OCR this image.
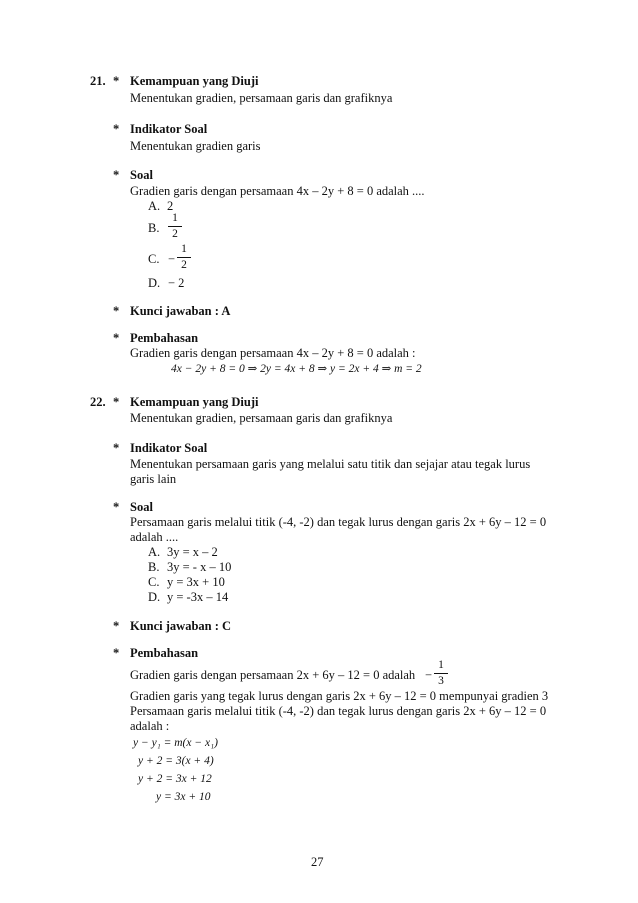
21. * Kemampuan yang Diuji
Menentukan gradien, persamaan garis dan grafiknya
* Indikator Soal
Menentukan gradien garis
* Soal
Gradien garis dengan persamaan 4x – 2y + 8 = 0 adalah ....
A. 2
B. $\frac{1}{2}$
C. − $\frac{1}{2}$
D. − 2
* Kunci jawaban : A
* Pembahasan
Gradien garis dengan persamaan 4x – 2y + 8 = 0 adalah :
4x − 2y + 8 = 0 ⇒ 2y = 4x + 8 ⇒ y = 2x + 4 ⇒ m = 2
22. * Kemampuan yang Diuji
Menentukan gradien, persamaan garis dan grafiknya
* Indikator Soal
Menentukan persamaan garis yang melalui satu titik dan sejajar atau tegak lurus
garis lain
* Soal
Persamaan garis melalui titik (-4, -2) dan tegak lurus dengan garis 2x + 6y – 12 = 0
adalah ....
A. 3y = x – 2
B. 3y = - x – 10
C. y = 3x + 10
D. y = -3x – 14
* Kunci jawaban : C
* Pembahasan
Gradien garis dengan persamaan 2x + 6y – 12 = 0 adalah − $\frac{1}{3}$
Gradien garis yang tegak lurus dengan garis 2x + 6y – 12 = 0 mempunyai gradien 3
Persamaan garis melalui titik (-4, -2) dan tegak lurus dengan garis 2x + 6y – 12 = 0
adalah :
y − y₁ = m(x − x₁)
y + 2 = 3(x + 4)
y + 2 = 3x + 12
y = 3x + 10
27
